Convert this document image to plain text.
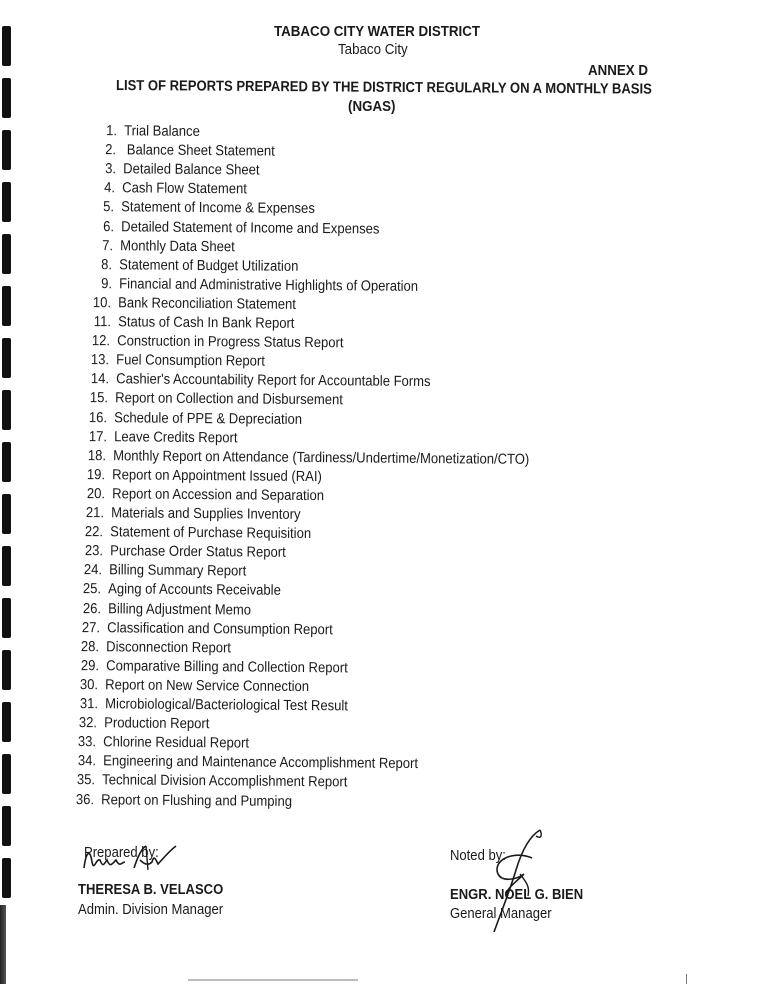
TABACO CITY WATER DISTRICT
Tabaco City
ANNEX D
LIST OF REPORTS PREPARED BY THE DISTRICT REGULARLY ON A MONTHLY BASIS
(NGAS)
1. Trial Balance
2. Balance Sheet Statement
3. Detailed Balance Sheet
4. Cash Flow Statement
5. Statement of Income & Expenses
6. Detailed Statement of Income and Expenses
7. Monthly Data Sheet
8. Statement of Budget Utilization
9. Financial and Administrative Highlights of Operation
10. Bank Reconciliation Statement
11. Status of Cash In Bank Report
12. Construction in Progress Status Report
13. Fuel Consumption Report
14. Cashier's Accountability Report for Accountable Forms
15. Report on Collection and Disbursement
16. Schedule of PPE & Depreciation
17. Leave Credits Report
18. Monthly Report on Attendance (Tardiness/Undertime/Monetization/CTO)
19. Report on Appointment Issued (RAI)
20. Report on Accession and Separation
21. Materials and Supplies Inventory
22. Statement of Purchase Requisition
23. Purchase Order Status Report
24. Billing Summary Report
25. Aging of Accounts Receivable
26. Billing Adjustment Memo
27. Classification and Consumption Report
28. Disconnection Report
29. Comparative Billing and Collection Report
30. Report on New Service Connection
31. Microbiological/Bacteriological Test Result
32. Production Report
33. Chlorine Residual Report
34. Engineering and Maintenance Accomplishment Report
35. Technical Division Accomplishment Report
36. Report on Flushing and Pumping
Prepared by:
THERESA B. VELASCO
Admin. Division Manager
Noted by:
ENGR. NOEL G. BIEN
General Manager
